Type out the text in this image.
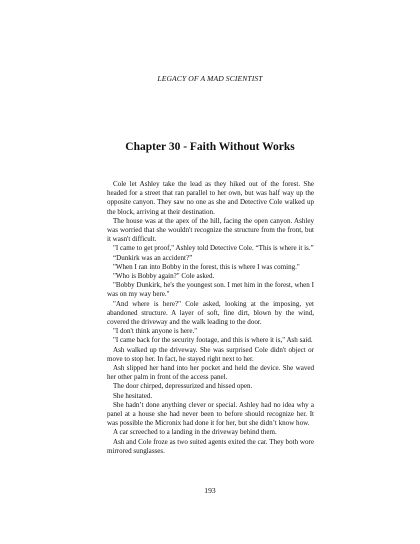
LEGACY OF A MAD SCIENTIST
Chapter 30 - Faith Without Works

Cole let Ashley take the lead as they hiked out of the forest. She headed for a street that ran parallel to her own, but was half way up the opposite canyon. They saw no one as she and Detective Cole walked up the block, arriving at their destination.

The house was at the apex of the hill, facing the open canyon. Ashley was worried that she wouldn't recognize the structure from the front, but it wasn't difficult.

"I came to get proof," Ashley told Detective Cole. “This is where it is.”

“Dunkirk was an accident?”

"When I ran into Bobby in the forest, this is where I was coming."

"Who is Bobby again?" Cole asked.

"Bobby Dunkirk, he's the youngest son. I met him in the forest, when I was on my way here."

"And where is here?" Cole asked, looking at the imposing, yet abandoned structure. A layer of soft, fine dirt, blown by the wind, covered the driveway and the walk leading to the door.

"I don't think anyone is here."

"I came back for the security footage, and this is where it is," Ash said.

Ash walked up the driveway. She was surprised Cole didn't object or move to stop her. In fact, he stayed right next to her.

Ash slipped her hand into her pocket and held the device. She waved her other palm in front of the access panel.

The door chirped, depressurized and hissed open.

She hesitated.

She hadn’t done anything clever or special. Ashley had no idea why a panel at a house she had never been to before should recognize her. It was possible the Micronix had done it for her, but she didn’t know how.

A car screeched to a landing in the driveway behind them.

Ash and Cole froze as two suited agents exited the car. They both wore mirrored sunglasses.

193
